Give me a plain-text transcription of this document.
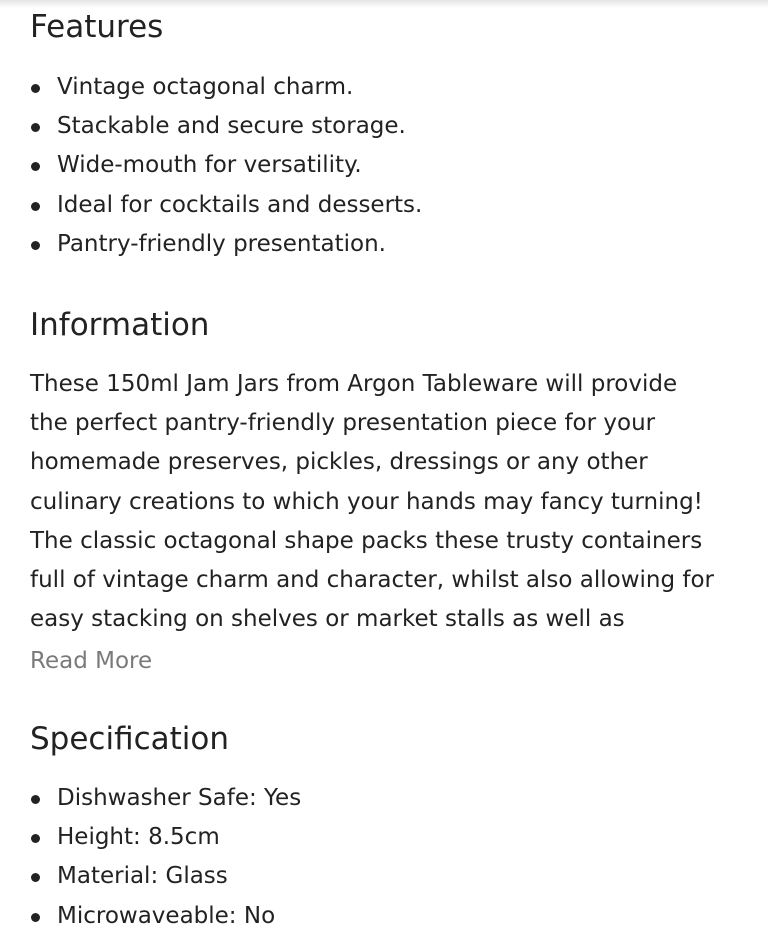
Features
Vintage octagonal charm.
Stackable and secure storage.
Wide-mouth for versatility.
Ideal for cocktails and desserts.
Pantry-friendly presentation.
Information
These 150ml Jam Jars from Argon Tableware will provide
the perfect pantry-friendly presentation piece for your
homemade preserves, pickles, dressings or any other
culinary creations to which your hands may fancy turning!
The classic octagonal shape packs these trusty containers
full of vintage charm and character, whilst also allowing for
easy stacking on shelves or market stalls as well as
Read More
Specification
Dishwasher Safe: Yes
Height: 8.5cm
Material: Glass
Microwaveable: No
